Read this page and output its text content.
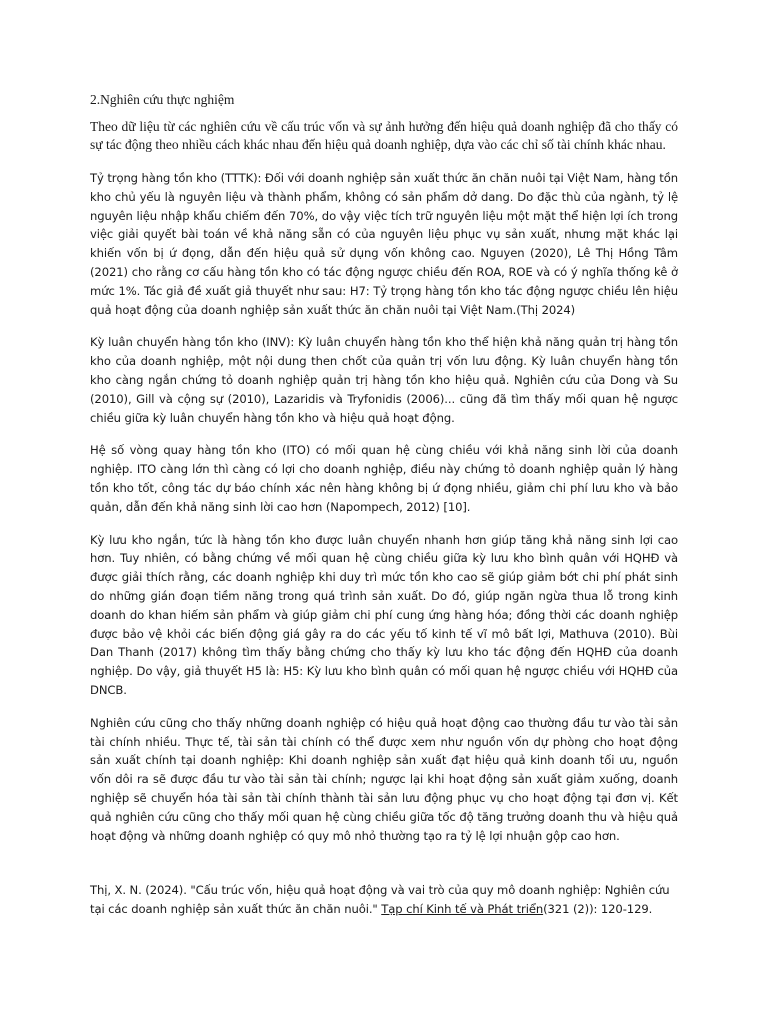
2.Nghiên cứu thực nghiệm

Theo dữ liệu từ các nghiên cứu về cấu trúc vốn và sự ảnh hưởng đến hiệu quả doanh nghiệp đã cho thấy có sự tác động theo nhiều cách khác nhau đến hiệu quả doanh nghiệp, dựa vào các chỉ số tài chính khác nhau.

Tỷ trọng hàng tồn kho (TTTK): Đối với doanh nghiệp sản xuất thức ăn chăn nuôi tại Việt Nam, hàng tồn kho chủ yếu là nguyên liệu và thành phẩm, không có sản phẩm dở dang. Do đặc thù của ngành, tỷ lệ nguyên liệu nhập khẩu chiếm đến 70%, do vậy việc tích trữ nguyên liệu một mặt thể hiện lợi ích trong việc giải quyết bài toán về khả năng sẵn có của nguyên liệu phục vụ sản xuất, nhưng mặt khác lại khiến vốn bị ứ đọng, dẫn đến hiệu quả sử dụng vốn không cao. Nguyen (2020), Lê Thị Hồng Tâm (2021) cho rằng cơ cấu hàng tồn kho có tác động ngược chiều đến ROA, ROE và có ý nghĩa thống kê ở mức 1%. Tác giả đề xuất giả thuyết như sau: H7: Tỷ trọng hàng tồn kho tác động ngược chiều lên hiệu quả hoạt động của doanh nghiệp sản xuất thức ăn chăn nuôi tại Việt Nam.(Thị 2024)

Kỳ luân chuyển hàng tồn kho (INV): Kỳ luân chuyển hàng tồn kho thể hiện khả năng quản trị hàng tồn kho của doanh nghiệp, một nội dung then chốt của quản trị vốn lưu động. Kỳ luân chuyển hàng tồn kho càng ngắn chứng tỏ doanh nghiệp quản trị hàng tồn kho hiệu quả. Nghiên cứu của Dong và Su (2010), Gill và cộng sự (2010), Lazaridis và Tryfonidis (2006)... cũng đã tìm thấy mối quan hệ ngược chiều giữa kỳ luân chuyển hàng tồn kho và hiệu quả hoạt động.

Hệ số vòng quay hàng tồn kho (ITO) có mối quan hệ cùng chiều với khả năng sinh lời của doanh nghiệp. ITO càng lớn thì càng có lợi cho doanh nghiệp, điều này chứng tỏ doanh nghiệp quản lý hàng tồn kho tốt, công tác dự báo chính xác nên hàng không bị ứ đọng nhiều, giảm chi phí lưu kho và bảo quản, dẫn đến khả năng sinh lời cao hơn (Napompech, 2012) [10].

Kỳ lưu kho ngắn, tức là hàng tồn kho được luân chuyển nhanh hơn giúp tăng khả năng sinh lợi cao hơn. Tuy nhiên, có bằng chứng về mối quan hệ cùng chiều giữa kỳ lưu kho bình quân với HQHĐ và được giải thích rằng, các doanh nghiệp khi duy trì mức tồn kho cao sẽ giúp giảm bớt chi phí phát sinh do những gián đoạn tiềm năng trong quá trình sản xuất. Do đó, giúp ngăn ngừa thua lỗ trong kinh doanh do khan hiếm sản phẩm và giúp giảm chi phí cung ứng hàng hóa; đồng thời các doanh nghiệp được bảo vệ khỏi các biến động giá gây ra do các yếu tố kinh tế vĩ mô bất lợi, Mathuva (2010). Bùi Dan Thanh (2017) không tìm thấy bằng chứng cho thấy kỳ lưu kho tác động đến HQHĐ của doanh nghiệp. Do vậy, giả thuyết H5 là: H5: Kỳ lưu kho bình quân có mối quan hệ ngược chiều với HQHĐ của DNCB.

Nghiên cứu cũng cho thấy những doanh nghiệp có hiệu quả hoạt động cao thường đầu tư vào tài sản tài chính nhiều. Thực tế, tài sản tài chính có thể được xem như nguồn vốn dự phòng cho hoạt động sản xuất chính tại doanh nghiệp: Khi doanh nghiệp sản xuất đạt hiệu quả kinh doanh tối ưu, nguồn vốn dôi ra sẽ được đầu tư vào tài sản tài chính; ngược lại khi hoạt động sản xuất giảm xuống, doanh nghiệp sẽ chuyển hóa tài sản tài chính thành tài sản lưu động phục vụ cho hoạt động tại đơn vị. Kết quả nghiên cứu cũng cho thấy mối quan hệ cùng chiều giữa tốc độ tăng trưởng doanh thu và hiệu quả hoạt động và những doanh nghiệp có quy mô nhỏ thường tạo ra tỷ lệ lợi nhuận gộp cao hơn.

Thị, X. N. (2024). "Cấu trúc vốn, hiệu quả hoạt động và vai trò của quy mô doanh nghiệp: Nghiên cứu tại các doanh nghiệp sản xuất thức ăn chăn nuôi." Tạp chí Kinh tế và Phát triển(321 (2)): 120-129.
